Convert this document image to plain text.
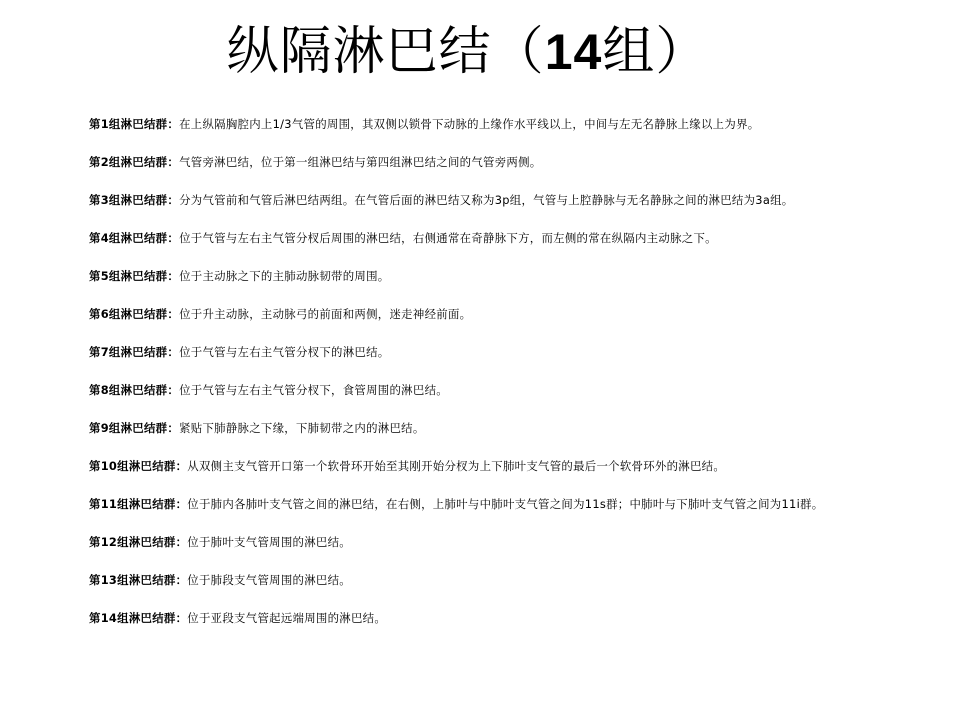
纵隔淋巴结（14组）
第1组淋巴结群：在上纵隔胸腔内上1/3气管的周围，其双侧以锁骨下动脉的上缘作水平线以上，中间与左无名静脉上缘以上为界。
第2组淋巴结群：气管旁淋巴结，位于第一组淋巴结与第四组淋巴结之间的气管旁两侧。
第3组淋巴结群：分为气管前和气管后淋巴结两组。在气管后面的淋巴结又称为3p组，气管与上腔静脉与无名静脉之间的淋巴结为3a组。
第4组淋巴结群：位于气管与左右主气管分杈后周围的淋巴结，右侧通常在奇静脉下方，而左侧的常在纵隔内主动脉之下。
第5组淋巴结群：位于主动脉之下的主肺动脉韧带的周围。
第6组淋巴结群：位于升主动脉，主动脉弓的前面和两侧，迷走神经前面。
第7组淋巴结群：位于气管与左右主气管分杈下的淋巴结。
第8组淋巴结群：位于气管与左右主气管分杈下，食管周围的淋巴结。
第9组淋巴结群：紧贴下肺静脉之下缘，下肺韧带之内的淋巴结。
第10组淋巴结群：从双侧主支气管开口第一个软骨环开始至其刚开始分杈为上下肺叶支气管的最后一个软骨环外的淋巴结。
第11组淋巴结群：位于肺内各肺叶支气管之间的淋巴结，在右侧，上肺叶与中肺叶支气管之间为11s群；中肺叶与下肺叶支气管之间为11i群。
第12组淋巴结群：位于肺叶支气管周围的淋巴结。
第13组淋巴结群：位于肺段支气管周围的淋巴结。
第14组淋巴结群：位于亚段支气管起远端周围的淋巴结。
